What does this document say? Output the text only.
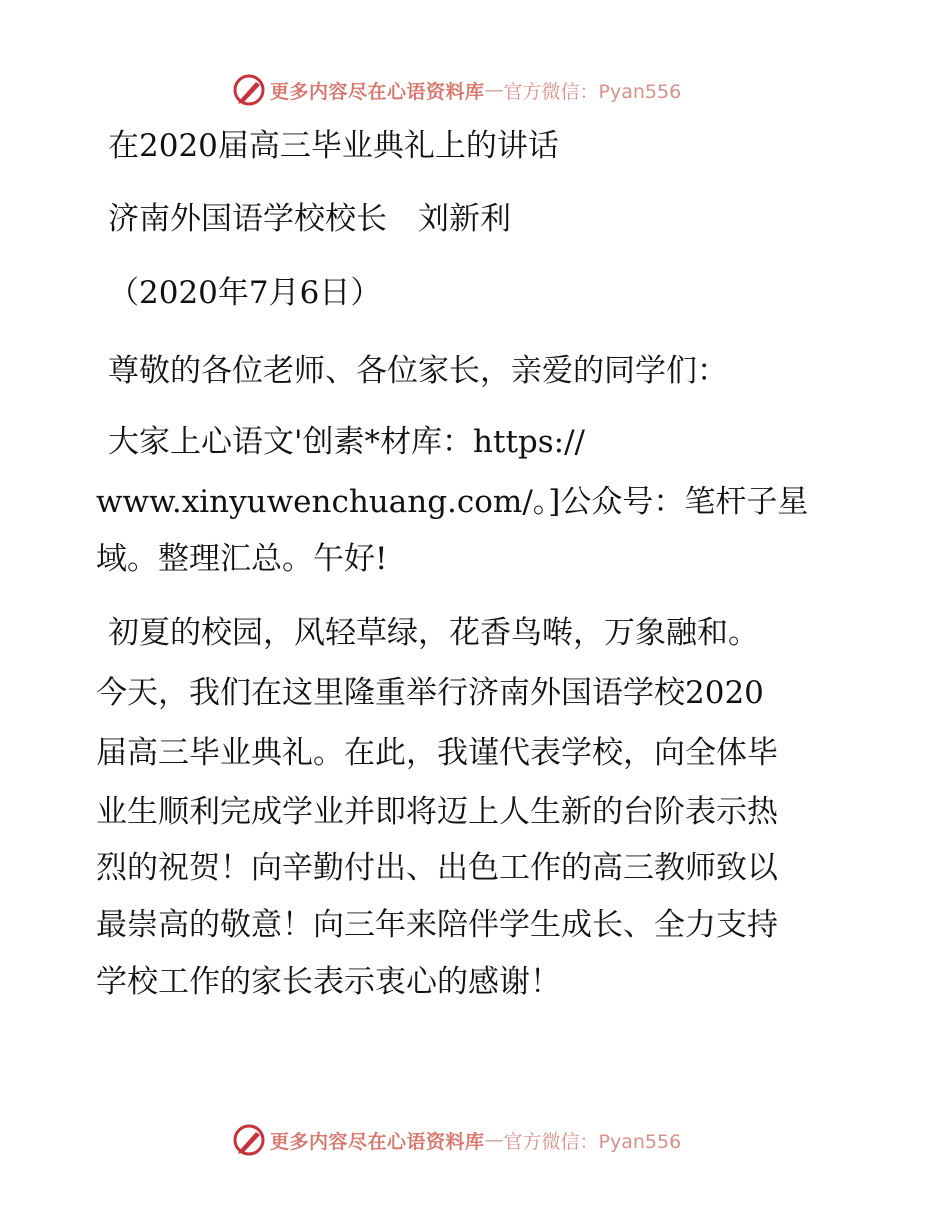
更多内容尽在心语资料库 — 官方微信：Pyan556
在2020届高三毕业典礼上的讲话
济南外国语学校校长　刘新利
（2020年7月6日）
尊敬的各位老师、各位家长，亲爱的同学们：
大家上心语文'创素*材库：https://
www.xinyuwenchuang.com/。]公众号：笔杆子星
域。整理汇总。午好!
初夏的校园，风轻草绿，花香鸟啭，万象融和。
今天，我们在这里隆重举行济南外国语学校2020
届高三毕业典礼。在此，我谨代表学校，向全体毕
业生顺利完成学业并即将迈上人生新的台阶表示热
烈的祝贺！向辛勤付出、出色工作的高三教师致以
最崇高的敬意！向三年来陪伴学生成长、全力支持
学校工作的家长表示衷心的感谢！
更多内容尽在心语资料库 — 官方微信：Pyan556
